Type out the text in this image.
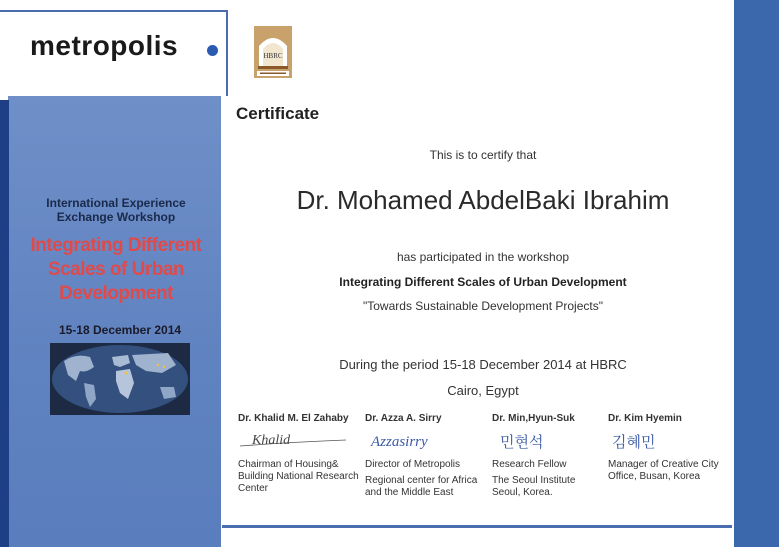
metropolis	HBRC
International Experience Exchange Workshop
Integrating Different Scales of Urban Development
15-18 December 2014
Certificate
This is to certify that
Dr. Mohamed AbdelBaki Ibrahim
has participated in the workshop
Integrating Different Scales of Urban Development
"Towards Sustainable Development Projects"
During the period 15-18 December 2014 at HBRC
Cairo, Egypt
Dr. Khalid M. El Zahaby
Khalid
Chairman of Housing& Building National Research Center
Dr. Azza A. Sirry
Azzasirry
Director of Metropolis
Regional center for Africa and the Middle East
Dr. Min,Hyun-Suk
민현석
Research Fellow
The Seoul Institute Seoul, Korea.
Dr. Kim Hyemin
김혜민
Manager of Creative City Office, Busan, Korea
